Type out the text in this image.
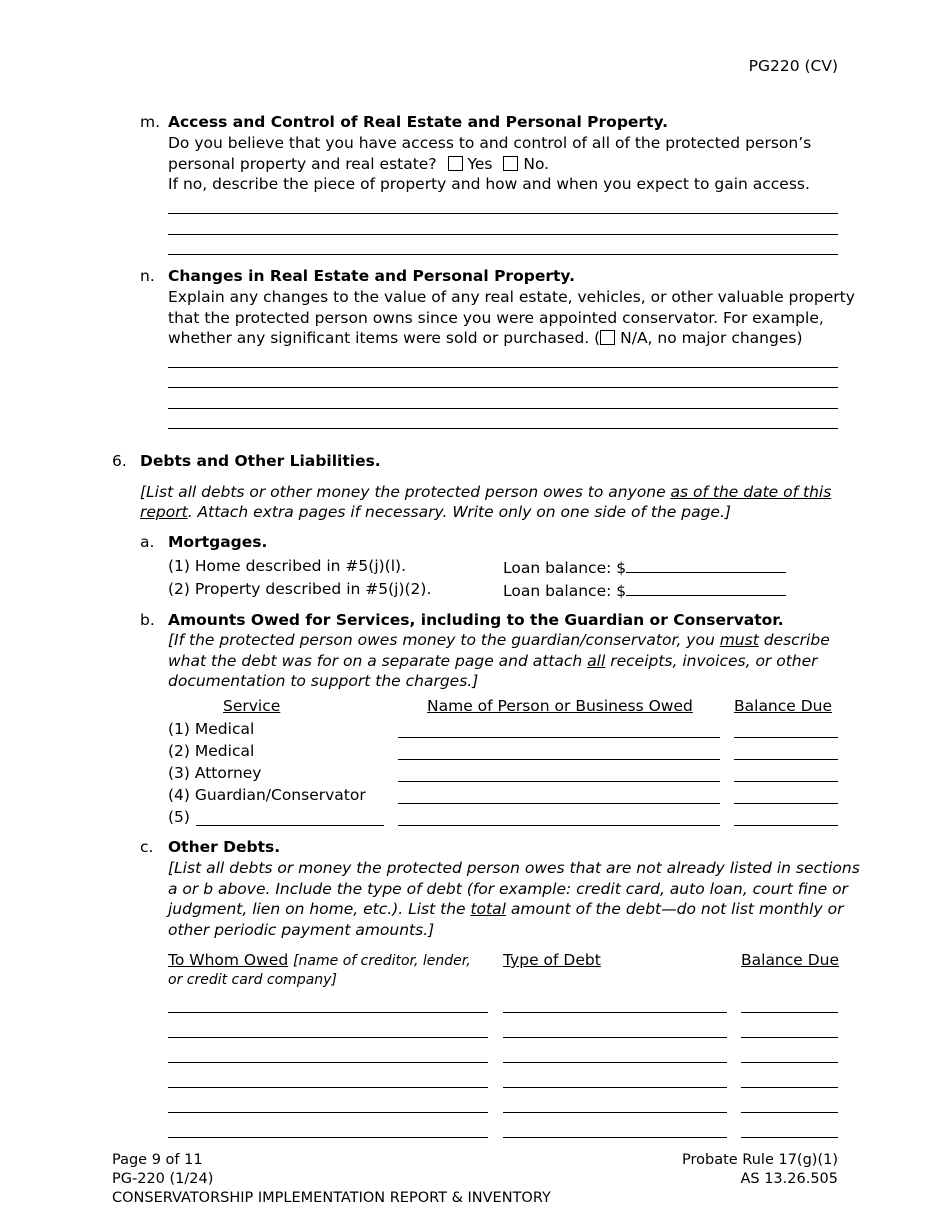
PG220 (CV)
m. Access and Control of Real Estate and Personal Property.
Do you believe that you have access to and control of all of the protected person’s
personal property and real estate? Yes No.
If no, describe the piece of property and how and when you expect to gain access.
n. Changes in Real Estate and Personal Property.
Explain any changes to the value of any real estate, vehicles, or other valuable property
that the protected person owns since you were appointed conservator. For example,
whether any significant items were sold or purchased. ( N/A, no major changes)
6. Debts and Other Liabilities.
[List all debts or other money the protected person owes to anyone as of the date of this
report. Attach extra pages if necessary. Write only on one side of the page.]
a. Mortgages.
(1) Home described in #5(j)(l).	Loan balance: $
(2) Property described in #5(j)(2).	Loan balance: $
b. Amounts Owed for Services, including to the Guardian or Conservator.
[If the protected person owes money to the guardian/conservator, you must describe
what the debt was for on a separate page and attach all receipts, invoices, or other
documentation to support the charges.]
Service	Name of Person or Business Owed	Balance Due
(1) Medical
(2) Medical
(3) Attorney
(4) Guardian/Conservator
(5)
c. Other Debts.
[List all debts or money the protected person owes that are not already listed in sections
a or b above. Include the type of debt (for example: credit card, auto loan, court fine or
judgment, lien on home, etc.). List the total amount of the debt—do not list monthly or
other periodic payment amounts.]
To Whom Owed [name of creditor, lender,
or credit card company]
Type of Debt	Balance Due
Page 9 of 11
PG-220 (1/24)
CONSERVATORSHIP IMPLEMENTATION REPORT & INVENTORY
Probate Rule 17(g)(1)
AS 13.26.505
